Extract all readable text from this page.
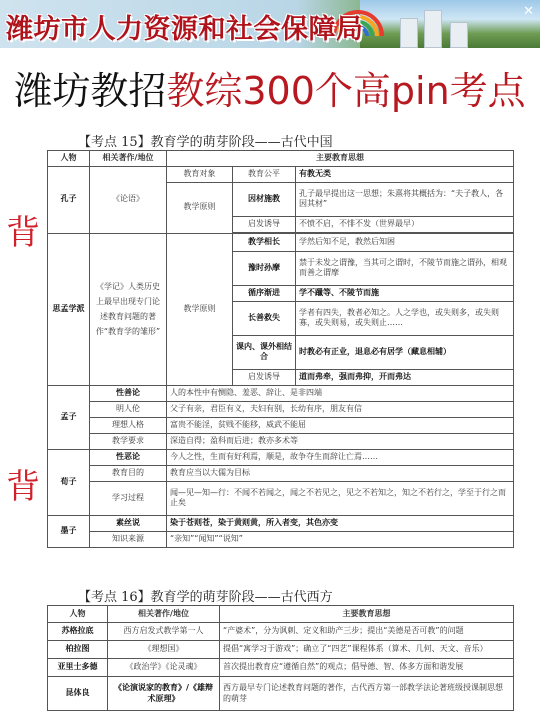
潍坊市人力资源和社会保障局
✕
潍坊教招教综300个高pin考点
【考点 15】教育学的萌芽阶段——古代中国
人物	相关著作/地位	主要教育思想		
孔子	《论语》	教育对象	教育公平	有教无类
		教学原则	因材施教	孔子最早提出这一思想；朱熹将其概括为：“夫子教人，各因其材”
			启发诱导	不愤不启，不悱不发（世界最早）

思孟学派	《学记》人类历史上最早出现专门论述教育问题的著作“教育学的雏形”	教学原则	教学相长	学然后知不足，教然后知困
			豫时孙摩	禁于未发之谓豫，当其可之谓时，不陵节而施之谓孙，相观而善之谓摩
			循序渐进	学不躐等、不陵节而施
			长善救失	学者有四失，教者必知之。人之学也，或失则多，或失则寡，或失则易，或失则止……
			课内、课外相结合	时教必有正业，退息必有居学（藏息相辅）
			启发诱导	道而弗牵，强而弗抑，开而弗达
孟子	性善论	人的本性中有恻隐、羞恶、辞让、是非四端		
	明人伦	父子有亲，君臣有义，夫妇有别，长幼有序，朋友有信		
	理想人格	富贵不能淫，贫贱不能移，威武不能屈		
	教学要求	深造自得；盈科而后进；教亦多术等		
荀子	性恶论	今人之性，生而有好利焉，顺是，故争夺生而辞让亡焉……		
	教育目的	教育应当以大儒为目标		
	学习过程	闻—见—知—行：不闻不若闻之，闻之不若见之，见之不若知之，知之不若行之，学至于行之而止矣		
墨子	素丝说	染于苍则苍，染于黄则黄，所入者变，其色亦变		
	知识来源	“亲知”“闻知”“说知”		
背
背
【考点 16】教育学的萌芽阶段——古代西方
人物	相关著作/地位	主要教育思想
苏格拉底	西方启发式教学第一人	“产婆术”，分为讽刺、定义和助产三步；提出“美德是否可教”的问题
柏拉图	《理想国》	提倡“寓学习于游戏”；确立了“四艺”课程体系（算术、几何、天文、音乐）
亚里士多德	《政治学》《论灵魂》	首次提出教育应“遵循自然”的观点；倡导德、智、体多方面和谐发展
昆体良	《论演说家的教育》/《雄辩术原理》	西方最早专门论述教育问题的著作，古代西方第一部教学法论著班级授课制思想的萌芽
